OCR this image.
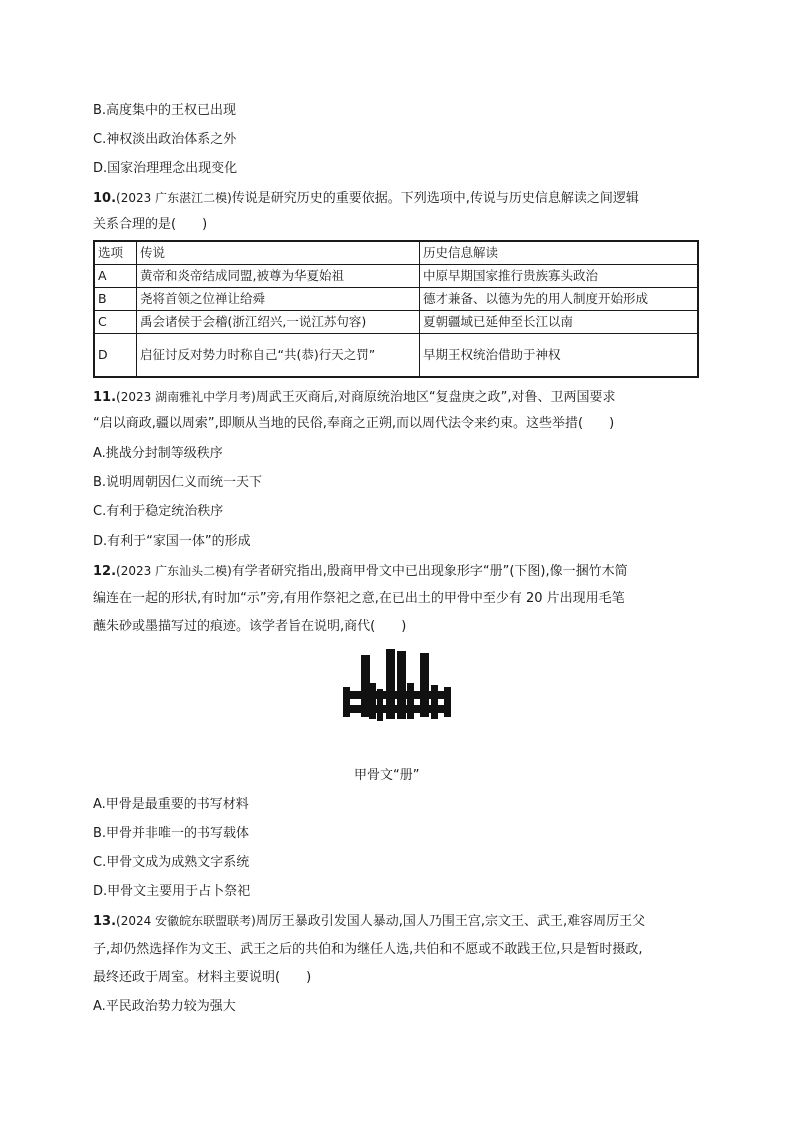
B.高度集中的王权已出现
C.神权淡出政治体系之外
D.国家治理理念出现变化
10.(2023 广东湛江二模)传说是研究历史的重要依据。下列选项中,传说与历史信息解读之间逻辑
关系合理的是(　　)
选项	传说	历史信息解读
A	黄帝和炎帝结成同盟,被尊为华夏始祖	中原早期国家推行贵族寡头政治
B	尧将首领之位禅让给舜	德才兼备、以德为先的用人制度开始形成
C	禹会诸侯于会稽(浙江绍兴,一说江苏句容)	夏朝疆域已延伸至长江以南
D	启征讨反对势力时称自己“共(恭)行天之罚”	早期王权统治借助于神权
11.(2023 湖南雅礼中学月考)周武王灭商后,对商原统治地区“复盘庚之政”,对鲁、卫两国要求
“启以商政,疆以周索”,即顺从当地的民俗,奉商之正朔,而以周代法令来约束。这些举措(　　)
A.挑战分封制等级秩序
B.说明周朝因仁义而统一天下
C.有利于稳定统治秩序
D.有利于“家国一体”的形成
12.(2023 广东汕头二模)有学者研究指出,殷商甲骨文中已出现象形字“册”(下图),像一捆竹木简
编连在一起的形状,有时加“示”旁,有用作祭祀之意,在已出土的甲骨中至少有 20 片出现用毛笔
蘸朱砂或墨描写过的痕迹。该学者旨在说明,商代(　　)
甲骨文“册”
A.甲骨是最重要的书写材料
B.甲骨并非唯一的书写载体
C.甲骨文成为成熟文字系统
D.甲骨文主要用于占卜祭祀
13.(2024 安徽皖东联盟联考)周厉王暴政引发国人暴动,国人乃围王宫,宗文王、武王,难容周厉王父
子,却仍然选择作为文王、武王之后的共伯和为继任人选,共伯和不愿或不敢践王位,只是暂时摄政,
最终还政于周室。材料主要说明(　　)
A.平民政治势力较为强大
